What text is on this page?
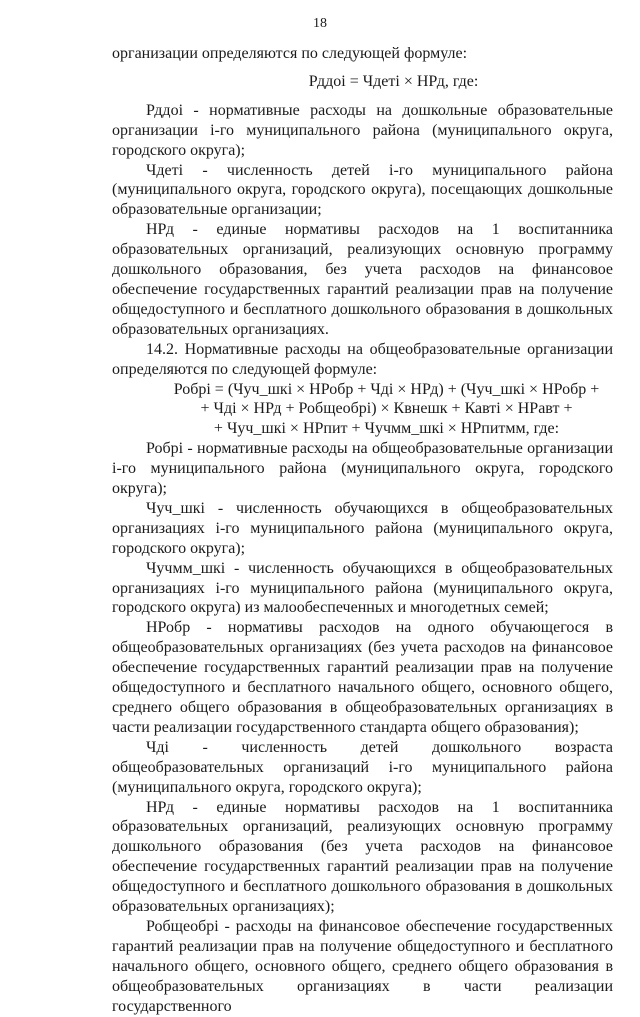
18

организации определяются по следующей формуле:

Рддоі = Чдеті × НРд, где:

Рддоі - нормативные расходы на дошкольные образовательные организации i-го муниципального района (муниципального округа, городского округа);

Чдеті - численность детей i-го муниципального района (муниципального округа, городского округа), посещающих дошкольные образовательные организации;

НРд - единые нормативы расходов на 1 воспитанника образовательных организаций, реализующих основную программу дошкольного образования, без учета расходов на финансовое обеспечение государственных гарантий реализации прав на получение общедоступного и бесплатного дошкольного образования в дошкольных образовательных организациях.

14.2. Нормативные расходы на общеобразовательные организации определяются по следующей формуле:

Робрі = (Чуч_шкі × НРобр + Чді × НРд) + (Чуч_шкі × НРобр +

+ Чді × НРд + Робщеобрі) × Квнешк + Кавті × НРавт +

+ Чуч_шкі × НРпит + Чучмм_шкі × НРпитмм, где:

Робрі - нормативные расходы на общеобразовательные организации i-го муниципального района (муниципального округа, городского округа);

Чуч_шкі - численность обучающихся в общеобразовательных организациях i-го муниципального района (муниципального округа, городского округа);

Чучмм_шкі - численность обучающихся в общеобразовательных организациях i-го муниципального района (муниципального округа, городского округа) из малообеспеченных и многодетных семей;

НРобр - нормативы расходов на одного обучающегося в общеобразовательных организациях (без учета расходов на финансовое обеспечение государственных гарантий реализации прав на получение общедоступного и бесплатного начального общего, основного общего, среднего общего образования в общеобразовательных организациях в части реализации государственного стандарта общего образования);

Чді - численность детей дошкольного возраста общеобразовательных организаций i-го муниципального района (муниципального округа, городского округа);

НРд - единые нормативы расходов на 1 воспитанника образовательных организаций, реализующих основную программу дошкольного образования (без учета расходов на финансовое обеспечение государственных гарантий реализации прав на получение общедоступного и бесплатного дошкольного образования в дошкольных образовательных организациях);

Робщеобрі - расходы на финансовое обеспечение государственных гарантий реализации прав на получение общедоступного и бесплатного начального общего, основного общего, среднего общего образования в общеобразовательных организациях в части реализации государственного
